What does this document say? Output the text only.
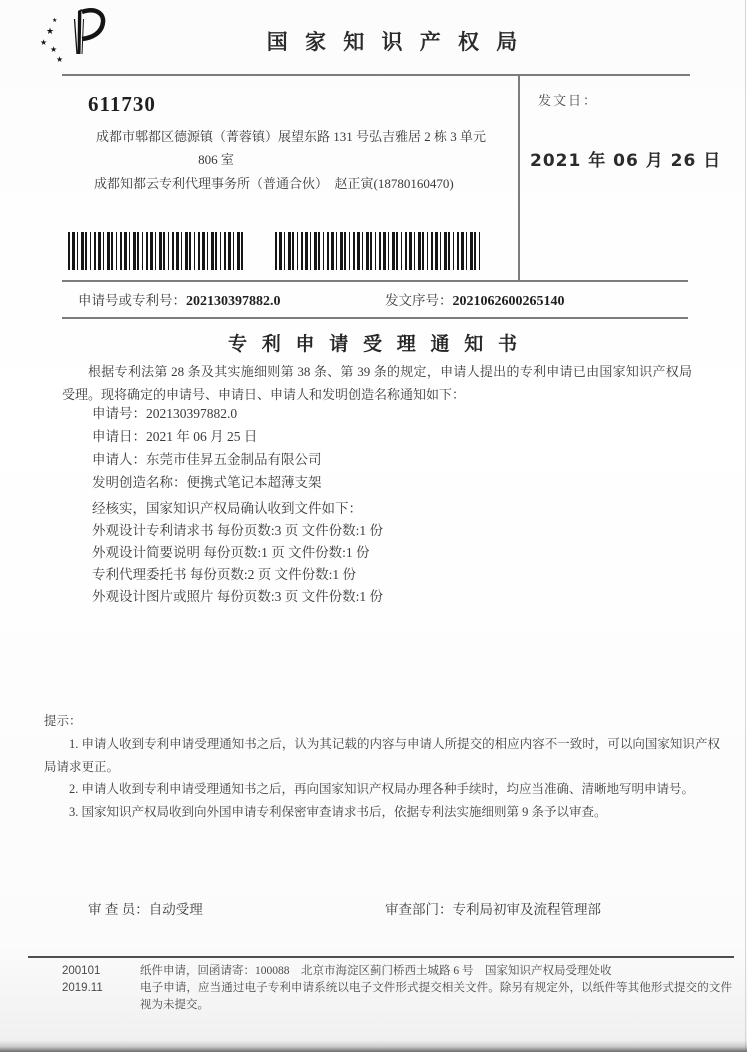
★
★
★
★
★
国 家 知 识 产 权 局
发文日：
2021 年 06 月 26 日
611730
成都市郫都区德源镇（菁蓉镇）展望东路 131 号弘吉雅居 2 栋 3 单元
806 室
成都知都云专利代理事务所（普通合伙）　赵正寅(18780160470)
申请号或专利号：202130397882.0	发文序号：2021062600265140
专 利 申 请 受 理 通 知 书
根据专利法第 28 条及其实施细则第 38 条、第 39 条的规定，申请人提出的专利申请已由国家知识产权局受理。现将确定的申请号、申请日、申请人和发明创造名称通知如下：
申请号：202130397882.0
申请日：2021 年 06 月 25 日
申请人：东莞市佳昇五金制品有限公司
发明创造名称：便携式笔记本超薄支架
经核实，国家知识产权局确认收到文件如下：
外观设计专利请求书 每份页数:3 页 文件份数:1 份
外观设计简要说明 每份页数:1 页 文件份数:1 份
专利代理委托书 每份页数:2 页 文件份数:1 份
外观设计图片或照片 每份页数:3 页 文件份数:1 份
提示：

1. 申请人收到专利申请受理通知书之后，认为其记载的内容与申请人所提交的相应内容不一致时，可以向国家知识产权局请求更正。

2. 申请人收到专利申请受理通知书之后，再向国家知识产权局办理各种手续时，均应当准确、清晰地写明申请号。

3. 国家知识产权局收到向外国申请专利保密审查请求书后，依据专利法实施细则第 9 条予以审查。

审 查 员：自动受理	审查部门：专利局初审及流程管理部
200101
2019.11

纸件申请，回函请寄：100088　北京市海淀区蓟门桥西土城路 6 号　国家知识产权局受理处收

电子申请，应当通过电子专利申请系统以电子文件形式提交相关文件。除另有规定外，以纸件等其他形式提交的文件视为未提交。
